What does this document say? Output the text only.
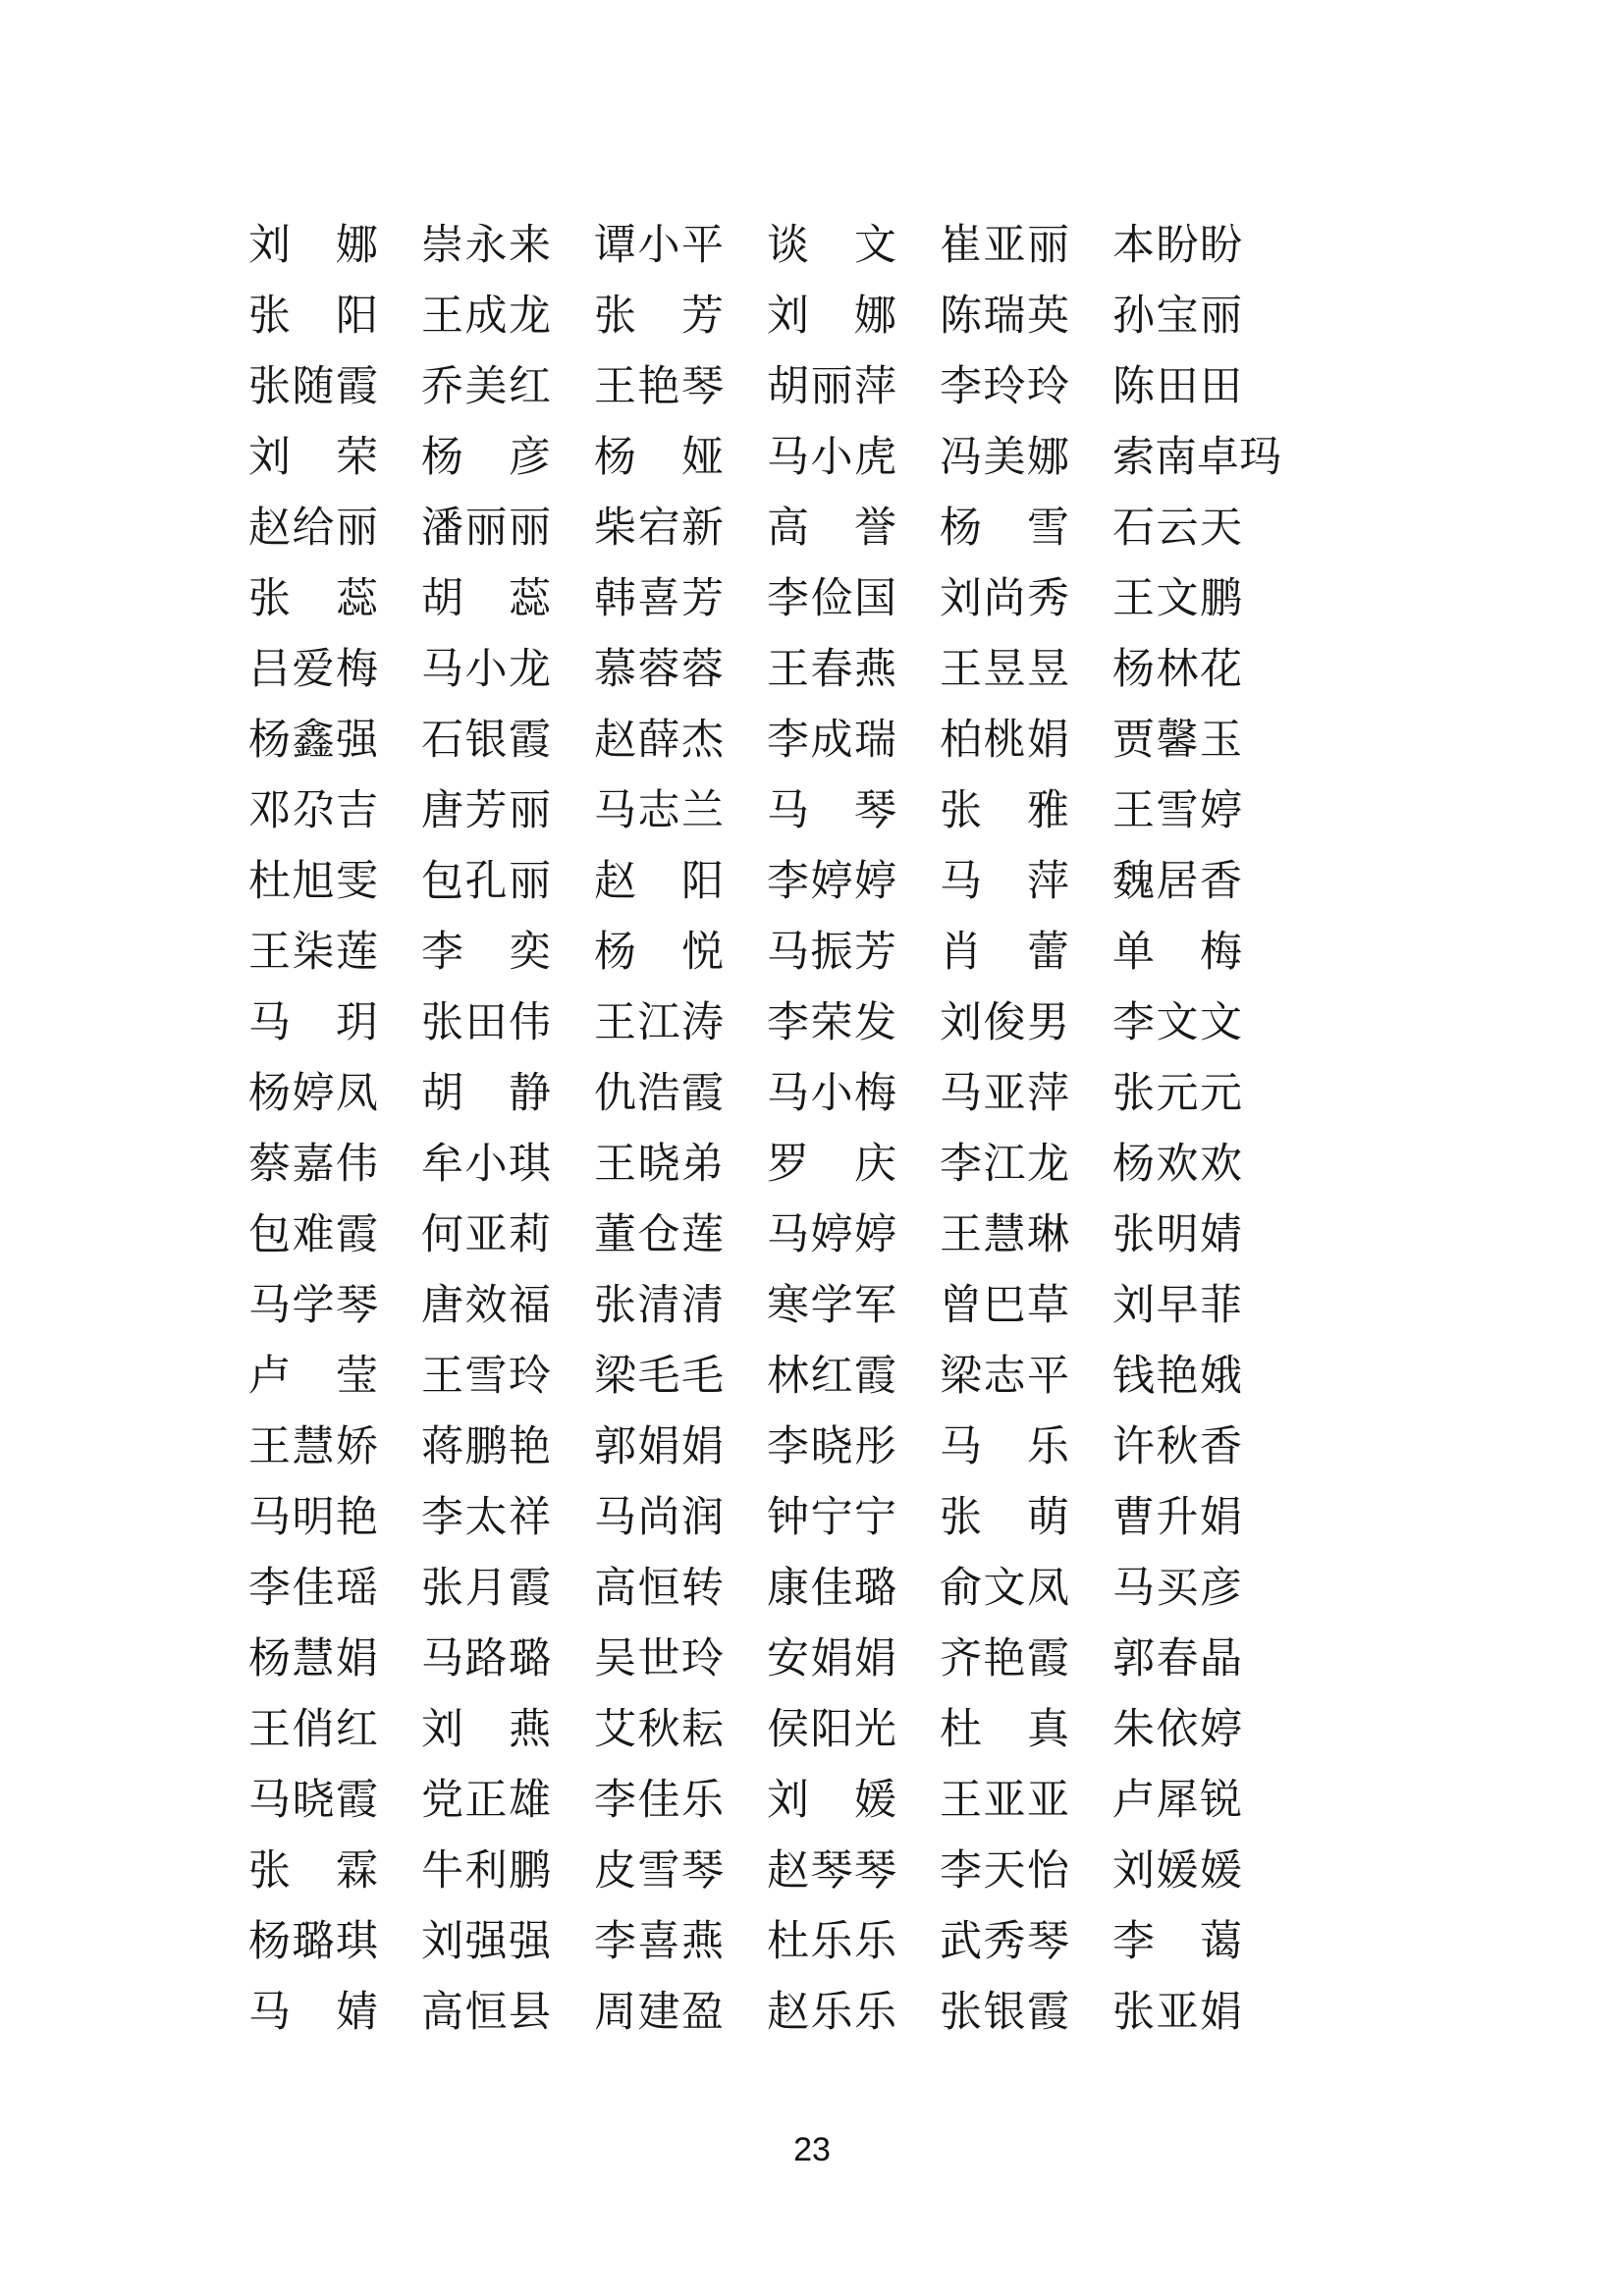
刘娜 崇永来 谭小平 谈文 崔亚丽 本盼盼
张阳 王成龙 张芳 刘娜 陈瑞英 孙宝丽
张随霞 乔美红 王艳琴 胡丽萍 李玲玲 陈田田
刘荣 杨彦 杨娅 马小虎 冯美娜 索南卓玛
赵给丽 潘丽丽 柴宕新 高誉 杨雪 石云天
张蕊 胡蕊 韩喜芳 李俭国 刘尚秀 王文鹏
吕爱梅 马小龙 慕蓉蓉 王春燕 王昱昱 杨林花
杨鑫强 石银霞 赵薛杰 李成瑞 柏桃娟 贾馨玉
邓尕吉 唐芳丽 马志兰 马琴 张雅 王雪婷
杜旭雯 包孔丽 赵阳 李婷婷 马萍 魏居香
王柒莲 李奕 杨悦 马振芳 肖蕾 单梅
马玥 张田伟 王江涛 李荣发 刘俊男 李文文
杨婷凤 胡静 仇浩霞 马小梅 马亚萍 张元元
蔡嘉伟 牟小琪 王晓弟 罗庆 李江龙 杨欢欢
包难霞 何亚莉 董仓莲 马婷婷 王慧琳 张明婧
马学琴 唐效福 张清清 寒学军 曾巴草 刘早菲
卢莹 王雪玲 梁毛毛 林红霞 梁志平 钱艳娥
王慧娇 蒋鹏艳 郭娟娟 李晓彤 马乐 许秋香
马明艳 李太祥 马尚润 钟宁宁 张萌 曹升娟
李佳瑶 张月霞 高恒转 康佳璐 俞文凤 马买彦
杨慧娟 马路璐 吴世玲 安娟娟 齐艳霞 郭春晶
王俏红 刘燕 艾秋耘 侯阳光 杜真 朱依婷
马晓霞 党正雄 李佳乐 刘媛 王亚亚 卢犀锐
张霖 牛利鹏 皮雪琴 赵琴琴 李天怡 刘媛媛
杨璐琪 刘强强 李喜燕 杜乐乐 武秀琴 李蔼
马婧 高恒县 周建盈 赵乐乐 张银霞 张亚娟
23
